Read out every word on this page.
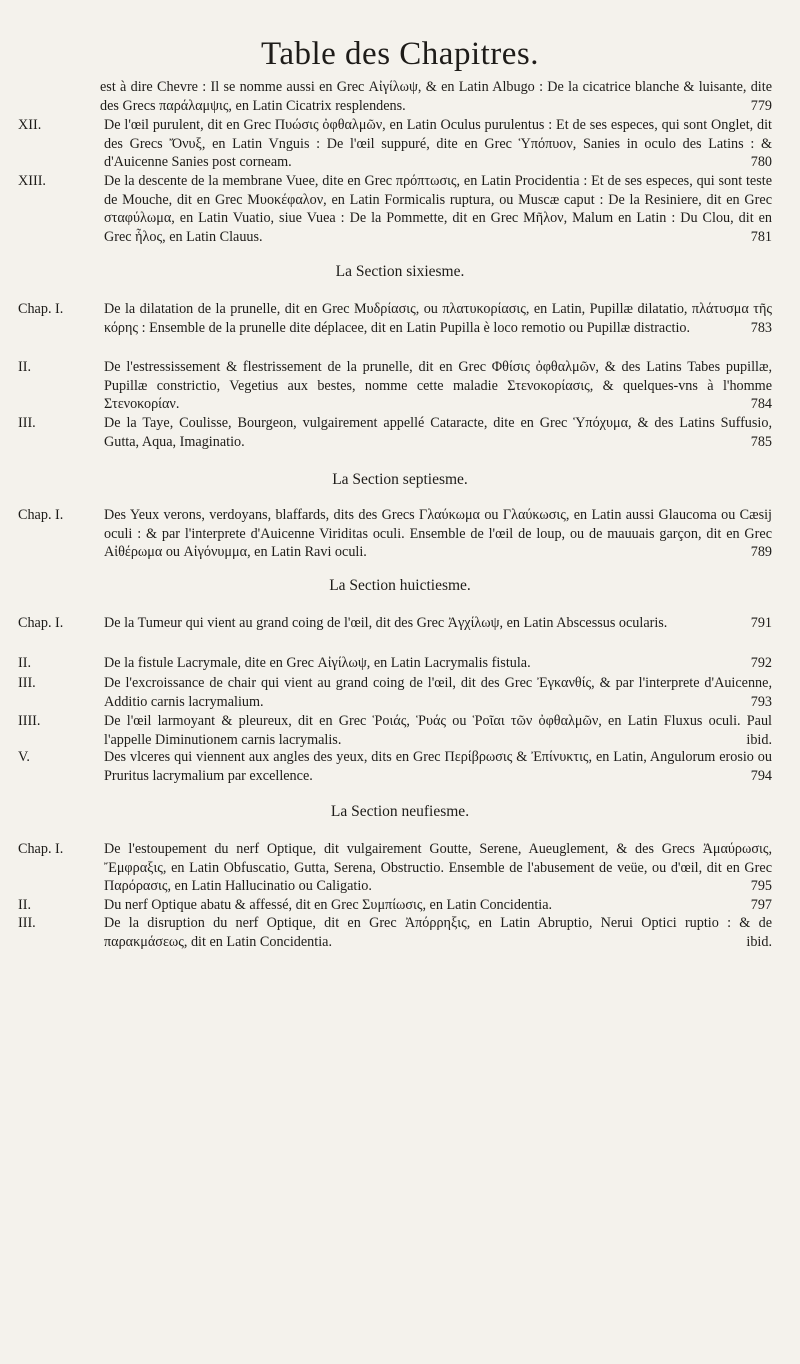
Table des Chapitres.
est à dire Chevre : Il se nomme aussi en Grec Αἰγίλωψ, & en Latin Albugo : De la cicatrice blanche & luisante, dite des Grecs παράλαμψις, en Latin Cicatrix resplendens.	779
XII.	De l'œil purulent, dit en Grec Πυώσις ὀφθαλμῶν, en Latin Oculus purulentus : Et de ses especes, qui sont Onglet, dit des Grecs Ὄνυξ, en Latin Vnguis : De l'œil suppuré, dite en Grec Ὑπόπυον, Sanies in oculo des Latins : & d'Auicenne Sanies post corneam.	780
XIII.	De la descente de la membrane Vuee, dite en Grec πρόπτωσις, en Latin Procidentia : Et de ses especes, qui sont teste de Mouche, dit en Grec Μυοκέφαλον, en Latin Formicalis ruptura, ou Muscæ caput : De la Resiniere, dit en Grec σταφύλωμα, en Latin Vuatio, siue Vuea : De la Pommette, dit en Grec Μῆλον, Malum en Latin : Du Clou, dit en Grec ἧλος, en Latin Clauus.	781
La Section sixiesme.
Chap. I.	De la dilatation de la prunelle, dit en Grec Μυδρίασις, ou πλατυκορίασις, en Latin, Pupillæ dilatatio, πλάτυσμα τῆς κόρης : Ensemble de la prunelle dite déplacee, dit en Latin Pupilla è loco remotio ou Pupillæ distractio.	783
II.	De l'estressissement & flestrissement de la prunelle, dit en Grec Φθίσις ὀφθαλμῶν, & des Latins Tabes pupillæ, Pupillæ constrictio, Vegetius aux bestes, nomme cette maladie Στενοκορίασις, & quelques-vns à l'homme Στενοκορίαν.	784
III.	De la Taye, Coulisse, Bourgeon, vulgairement appellé Cataracte, dite en Grec Ὑπόχυμα, & des Latins Suffusio, Gutta, Aqua, Imaginatio.	785
La Section septiesme.
Chap. I.	Des Yeux verons, verdoyans, blaffards, dits des Grecs Γλαύκωμα ou Γλαύκωσις, en Latin aussi Glaucoma ou Cæsij oculi : & par l'interprete d'Auicenne Viriditas oculi. Ensemble de l'œil de loup, ou de mauuais garçon, dit en Grec Αἰθέρωμα ou Αἰγόνυμμα, en Latin Ravi oculi.	789
La Section huictiesme.
Chap. I.	De la Tumeur qui vient au grand coing de l'œil, dit des Grec Ἀγχίλωψ, en Latin Abscessus ocularis.	791
II.	De la fistule Lacrymale, dite en Grec Αἰγίλωψ, en Latin Lacrymalis fistula.	792
III.	De l'excroissance de chair qui vient au grand coing de l'œil, dit des Grec Ἐγκανθίς, & par l'interprete d'Auicenne, Additio carnis lacrymalium.	793
IIII.	De l'œil larmoyant & pleureux, dit en Grec Ῥοιάς, Ῥυάς ou Ῥοῖαι τῶν ὀφθαλμῶν, en Latin Fluxus oculi. Paul l'appelle Diminutionem carnis lacrymalis.	ibid.
V.	Des vlceres qui viennent aux angles des yeux, dits en Grec Περίβρωσις & Ἐπίνυκτις, en Latin, Angulorum erosio ou Pruritus lacrymalium par excellence.	794
La Section neufiesme.
Chap. I.	De l'estoupement du nerf Optique, dit vulgairement Goutte, Serene, Aueuglement, & des Grecs Ἀμαύρωσις, Ἔμφραξις, en Latin Obfuscatio, Gutta, Serena, Obstructio. Ensemble de l'abusement de veüe, ou d'œil, dit en Grec Παρόρασις, en Latin Hallucinatio ou Caligatio.	795
II.	Du nerf Optique abatu & affessé, dit en Grec Συμπίωσις, en Latin Concidentia.	797
III.	De la disruption du nerf Optique, dit en Grec Ἀπόρρηξις, en Latin Abruptio, Nerui Optici ruptio : & de παρακμάσεως, dit en Latin Concidentia.	ibid.
